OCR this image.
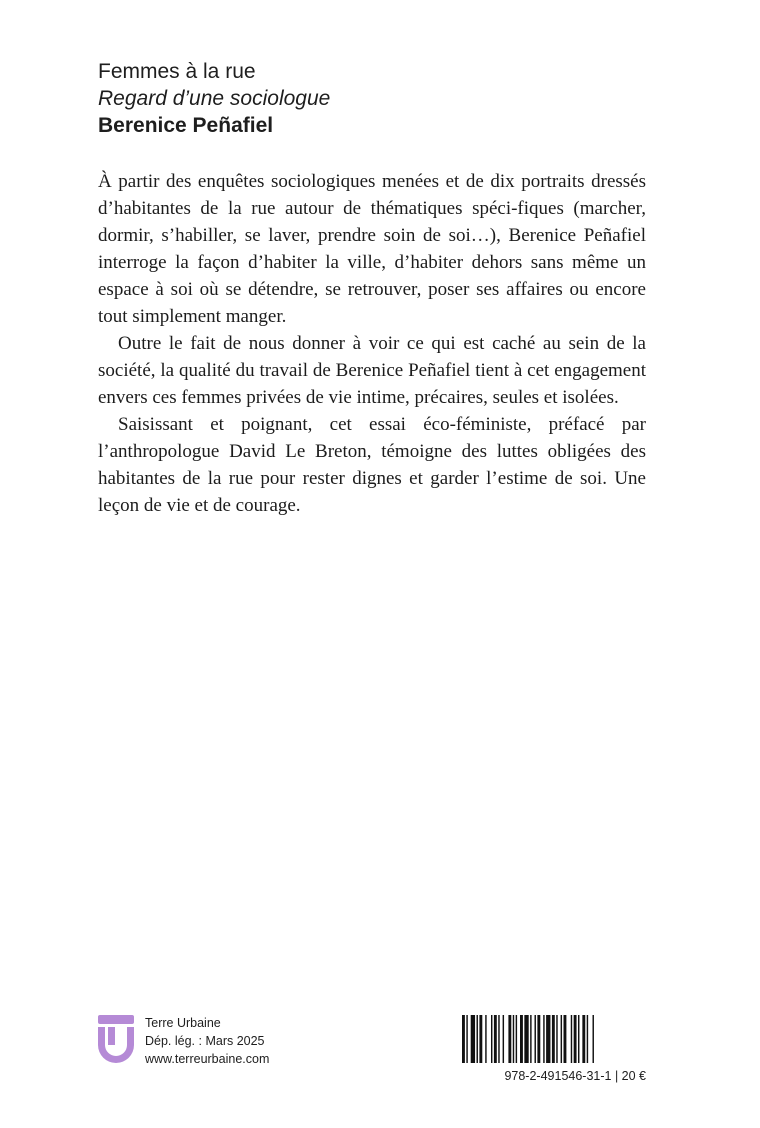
Femmes à la rue
Regard d’une sociologue
Berenice Peñafiel

À partir des enquêtes sociologiques menées et de dix portraits dressés d’habitantes de la rue autour de thématiques spéci-fiques (marcher, dormir, s’habiller, se laver, prendre soin de soi…), Berenice Peñafiel interroge la façon d’habiter la ville, d’habiter dehors sans même un espace à soi où se détendre, se retrouver, poser ses affaires ou encore tout simplement manger.

Outre le fait de nous donner à voir ce qui est caché au sein de la société, la qualité du travail de Berenice Peñafiel tient à cet engagement envers ces femmes privées de vie intime, précaires, seules et isolées.

Saisissant et poignant, cet essai éco-féministe, préfacé par l’anthropologue David Le Breton, témoigne des luttes obligées des habitantes de la rue pour rester dignes et garder l’estime de soi. Une leçon de vie et de courage.

Terre Urbaine
Dép. lég. : Mars 2025
www.terreurbaine.com
978-2-491546-31-1 | 20 €
